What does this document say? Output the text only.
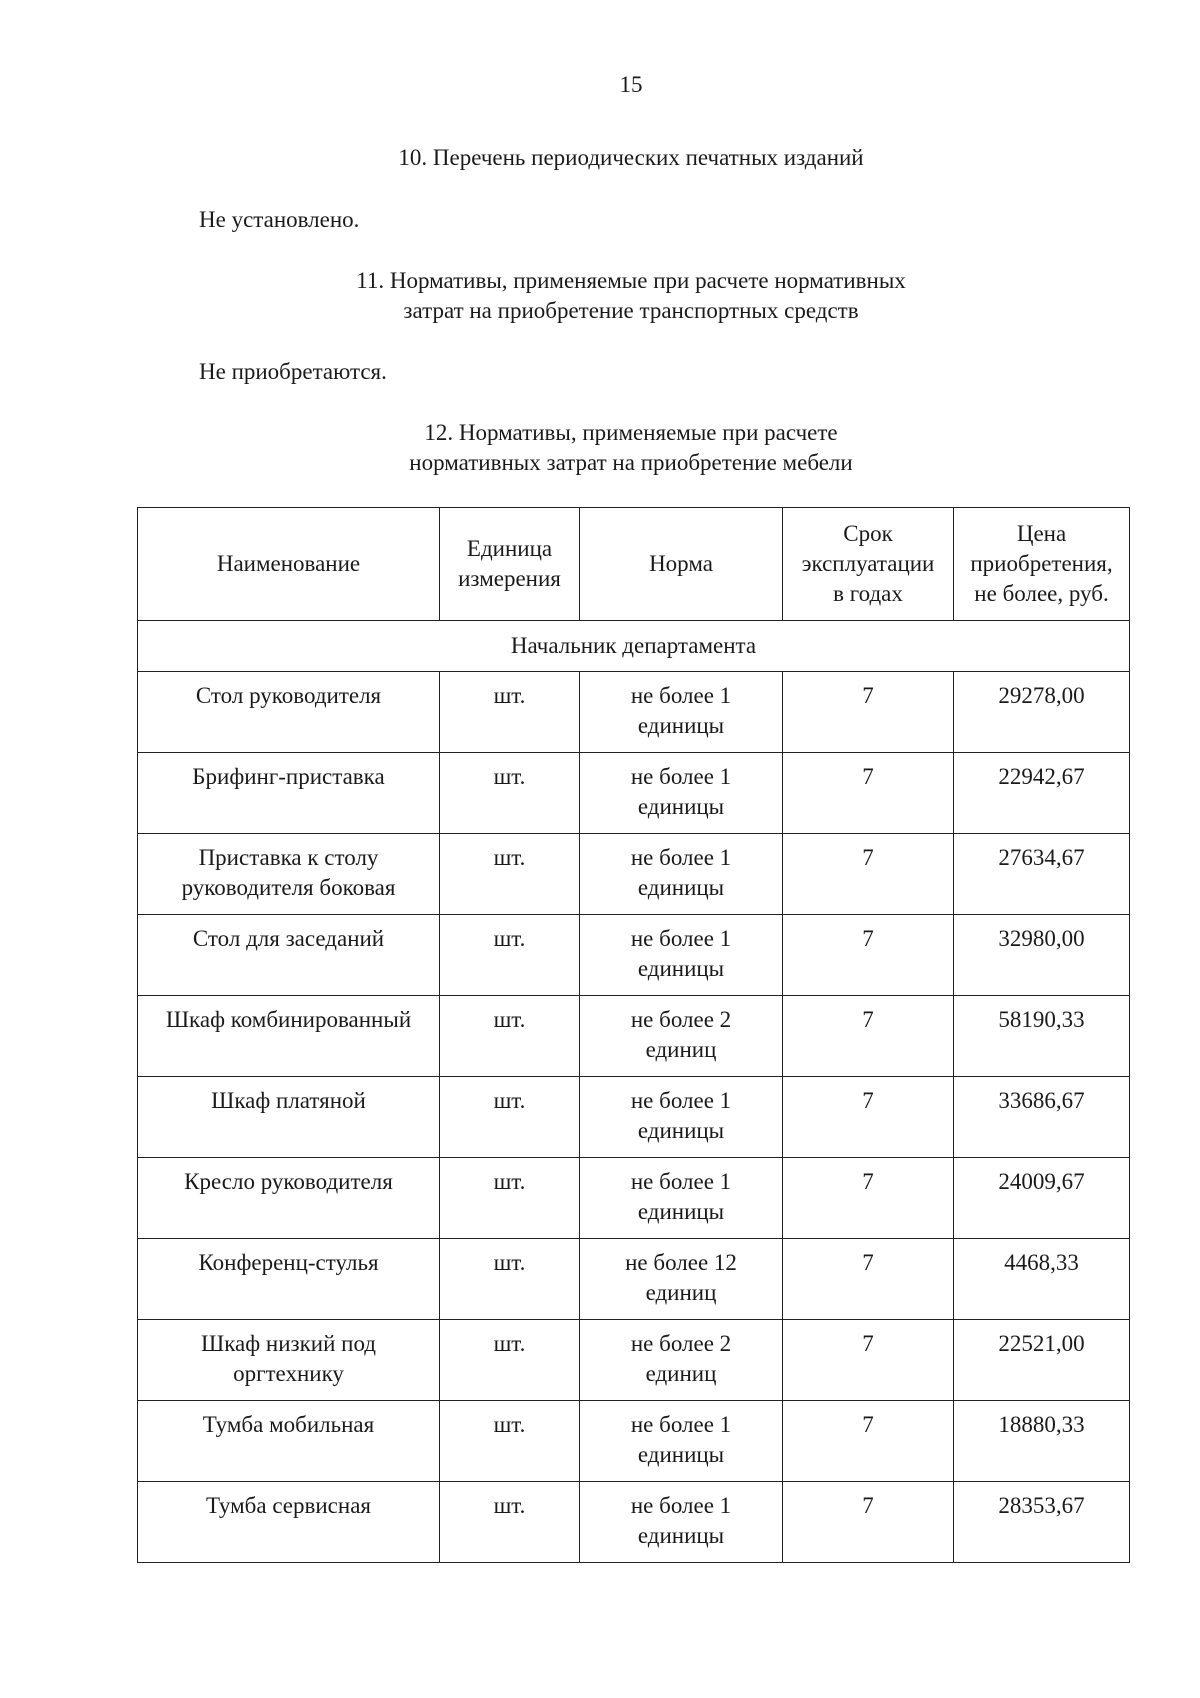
15
10. Перечень периодических печатных изданий

Не установлено.

11. Нормативы, применяемые при расчете нормативных
затрат на приобретение транспортных средств

Не приобретаются.

12. Нормативы, применяемые при расчете
нормативных затрат на приобретение мебели
Наименование	Единица
измерения	Норма	Срок
эксплуатации
в годах	Цена
приобретения,
не более, руб.

Начальник департамента				

Стол руководителя	шт.	не более 1
единицы	7	29278,00

Брифинг-приставка	шт.	не более 1
единицы	7	22942,67

Приставка к столу
руководителя боковая	шт.	не более 1
единицы	7	27634,67

Стол для заседаний	шт.	не более 1
единицы	7	32980,00

Шкаф комбинированный	шт.	не более 2
единиц	7	58190,33

Шкаф платяной	шт.	не более 1
единицы	7	33686,67

Кресло руководителя	шт.	не более 1
единицы	7	24009,67

Конференц-стулья	шт.	не более 12
единиц	7	4468,33

Шкаф низкий под
оргтехнику	шт.	не более 2
единиц	7	22521,00

Тумба мобильная	шт.	не более 1
единицы	7	18880,33

Тумба сервисная	шт.	не более 1
единицы	7	28353,67
